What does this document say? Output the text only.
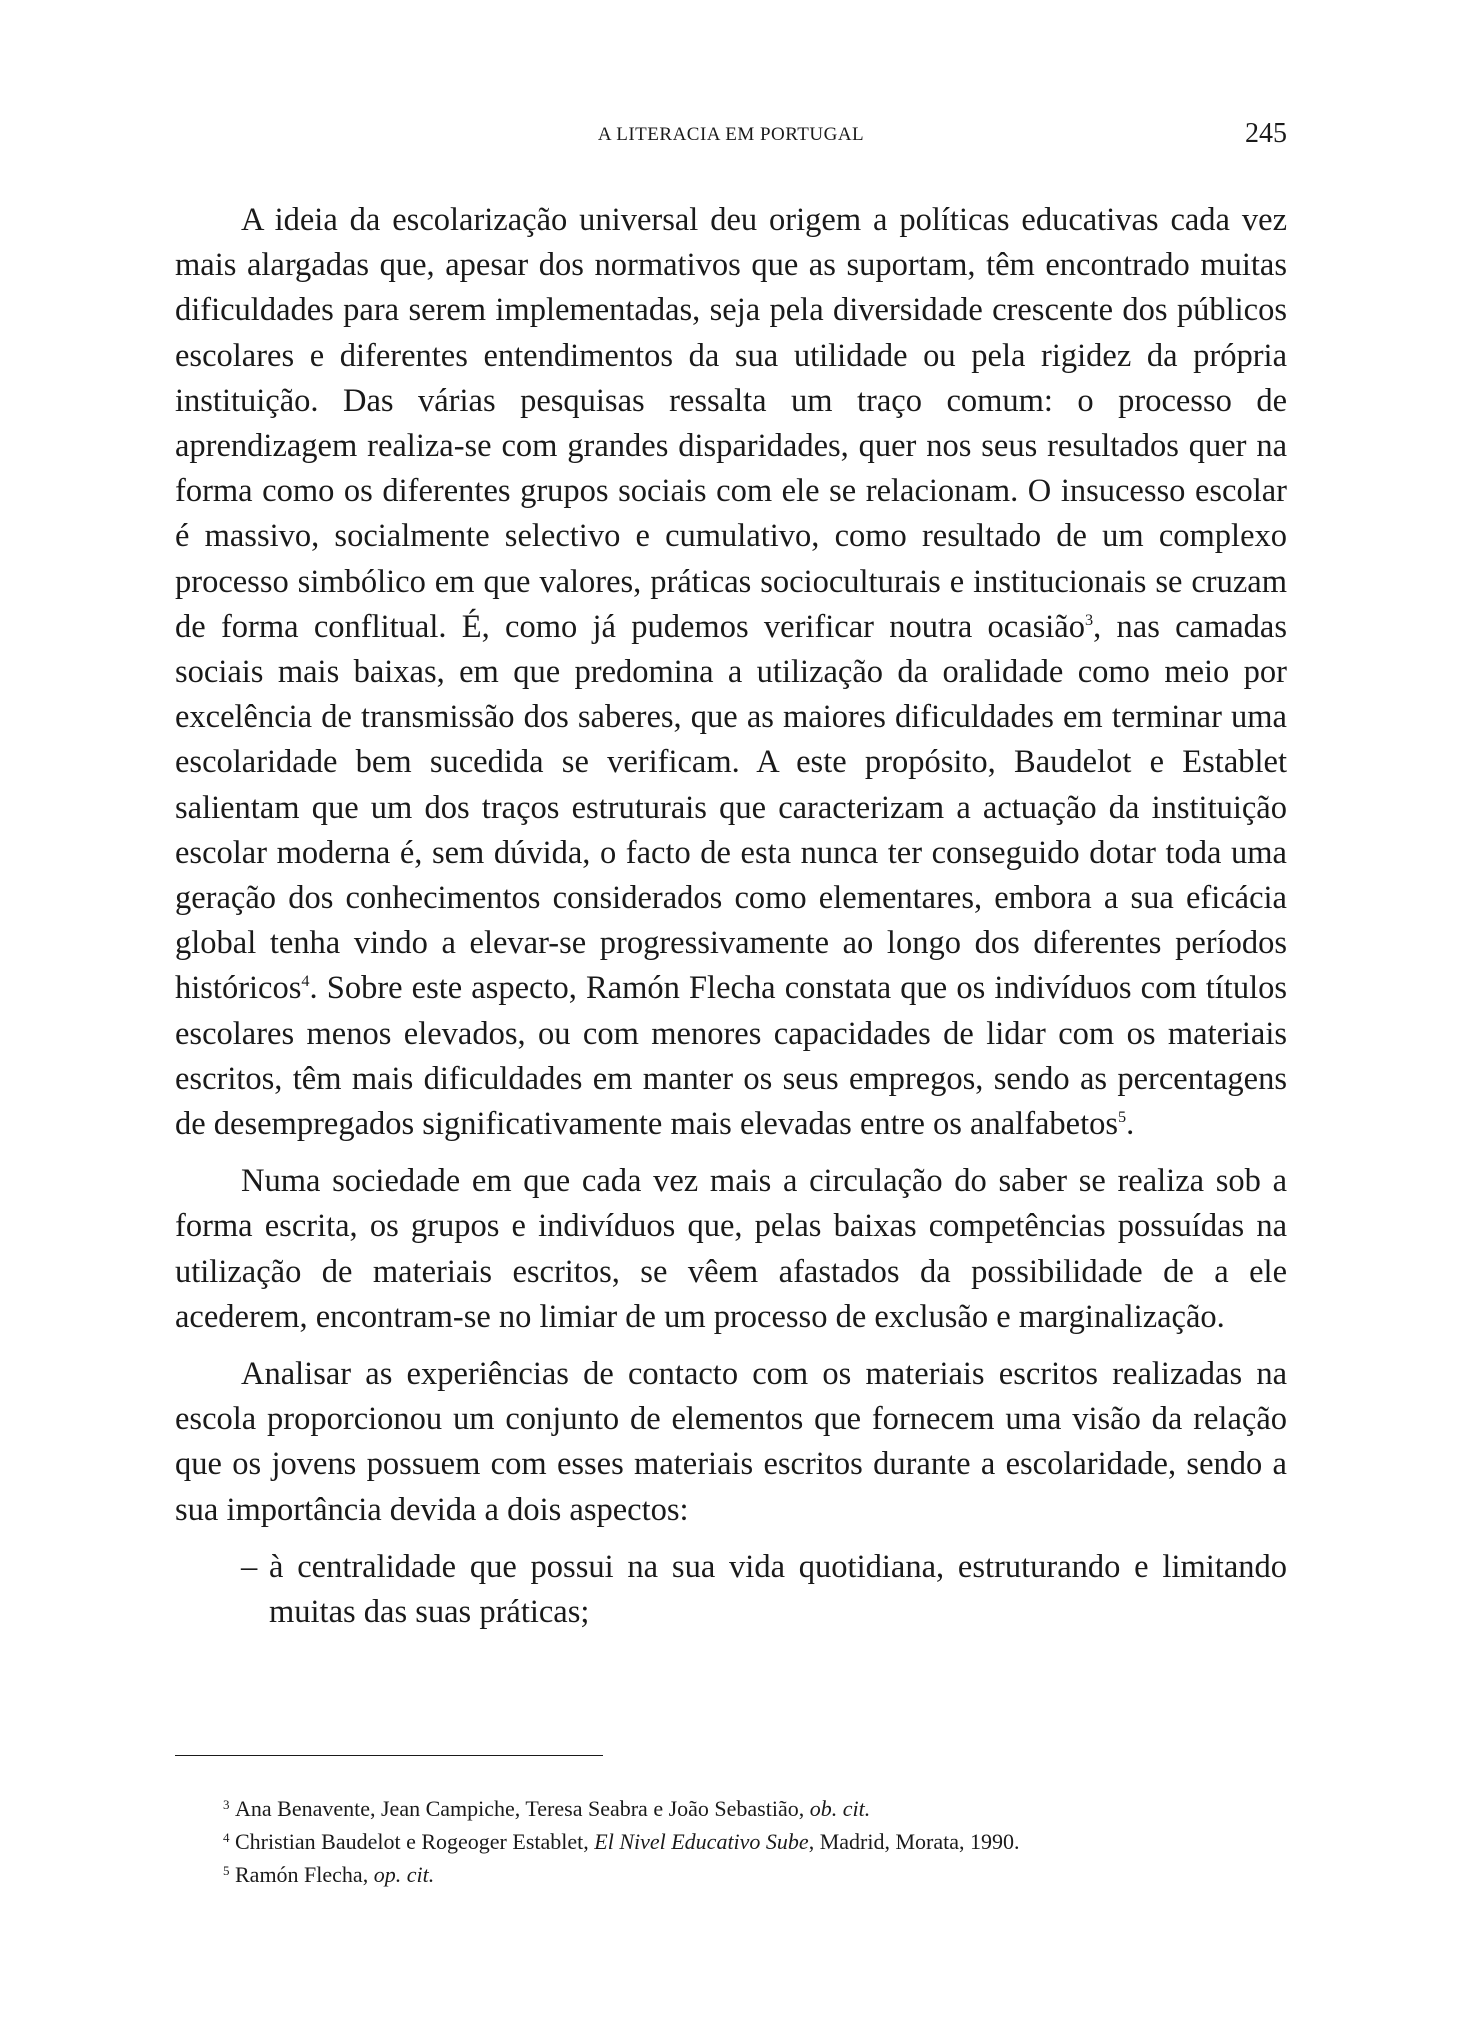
A LITERACIA EM PORTUGAL	245

A ideia da escolarização universal deu origem a políticas educativas cada vez mais alargadas que, apesar dos normativos que as suportam, têm encontrado muitas dificuldades para serem implementadas, seja pela diversidade crescente dos públicos escolares e diferentes entendimentos da sua utilidade ou pela rigidez da própria instituição. Das várias pesquisas ressalta um traço comum: o processo de aprendizagem realiza-se com grandes disparidades, quer nos seus resultados quer na forma como os diferentes grupos sociais com ele se relacionam. O insucesso escolar é massivo, socialmente selectivo e cumulativo, como resultado de um complexo processo simbólico em que valores, práticas socioculturais e institucionais se cruzam de forma conflitual. É, como já pudemos verificar noutra ocasião$^3$, nas camadas sociais mais baixas, em que predomina a utilização da oralidade como meio por excelência de transmissão dos saberes, que as maiores dificuldades em terminar uma escolaridade bem sucedida se verificam. A este propósito, Baudelot e Establet salientam que um dos traços estruturais que caracterizam a actuação da instituição escolar moderna é, sem dúvida, o facto de esta nunca ter conseguido dotar toda uma geração dos conhecimentos considerados como elementares, embora a sua eficácia global tenha vindo a elevar-se progressivamente ao longo dos diferentes períodos históricos$^4$. Sobre este aspecto, Ramón Flecha constata que os indivíduos com títulos escolares menos elevados, ou com menores capacidades de lidar com os materiais escritos, têm mais dificuldades em manter os seus empregos, sendo as percentagens de desempregados significativamente mais elevadas entre os analfabetos$^5$.

Numa sociedade em que cada vez mais a circulação do saber se realiza sob a forma escrita, os grupos e indivíduos que, pelas baixas competências possuídas na utilização de materiais escritos, se vêem afastados da possibilidade de a ele acederem, encontram-se no limiar de um processo de exclusão e marginalização.

Analisar as experiências de contacto com os materiais escritos realizadas na escola proporcionou um conjunto de elementos que fornecem uma visão da relação que os jovens possuem com esses materiais escritos durante a escolaridade, sendo a sua importância devida a dois aspectos:

– à centralidade que possui na sua vida quotidiana, estruturando e limitando muitas das suas práticas;

3 Ana Benavente, Jean Campiche, Teresa Seabra e João Sebastião, ob. cit.

4 Christian Baudelot e Rogeoger Establet, El Nivel Educativo Sube, Madrid, Morata, 1990.

5 Ramón Flecha, op. cit.
